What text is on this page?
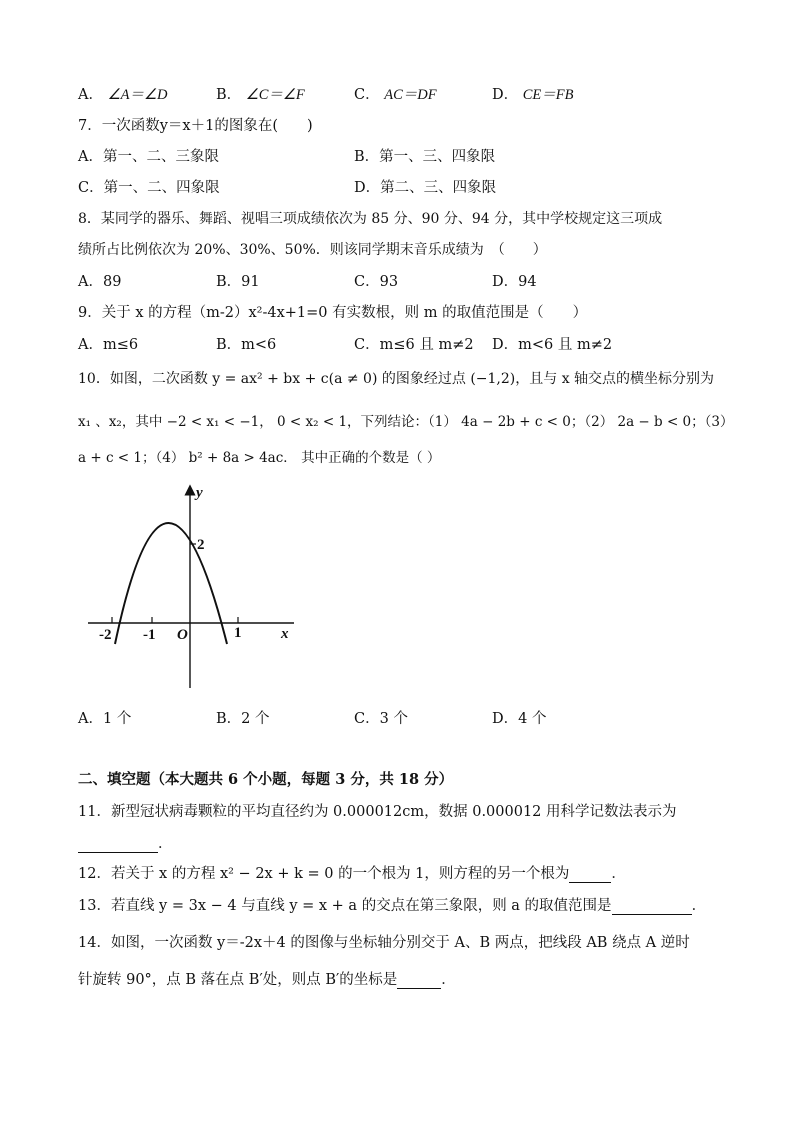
A． ∠A＝∠D	B． ∠C＝∠F	C． AC＝DF	D． CE＝FB
7．一次函数y＝x＋1的图象在(　　)
A．第一、二、三象限	B．第一、三、四象限
C．第一、二、四象限	D．第二、三、四象限
8．某同学的器乐、舞蹈、视唱三项成绩依次为 85 分、90 分、94 分，其中学校规定这三项成
绩所占比例依次为 20%、30%、50%．则该同学期末音乐成绩为　（　　）
A．89	B．91	C．93	D．94
9．关于 x 的方程（m-2）x²-4x+1=0 有实数根，则 m 的取值范围是（　　）
A．m≤6	B．m<6	C．m≤6 且 m≠2 D．m<6 且 m≠2
10．如图，二次函数 y = ax² + bx + c(a ≠ 0) 的图象经过点 (−1,2)，且与 x 轴交点的横坐标分别为
x₁ 、x₂，其中 −2 < x₁ < −1， 0 < x₂ < 1，下列结论：（1） 4a − 2b + c < 0；（2） 2a − b < 0；（3）
a + c < 1；（4） b² + 8a > 4ac． 其中正确的个数是（ ）
x
y
O
-2 -1	1
2
A．1 个	B．2 个	C．3 个	D．4 个
二、填空题（本大题共 6 个小题，每题 3 分，共 18 分）
11．新型冠状病毒颗粒的平均直径约为 0.000012cm，数据 0.000012 用科学记数法表示为
．
12．若关于 x 的方程 x² − 2x + k = 0 的一个根为 1，则方程的另一个根为	．
13．若直线 y = 3x − 4 与直线 y = x + a 的交点在第三象限，则 a 的取值范围是	．
14．如图，一次函数 y＝-2x＋4 的图像与坐标轴分别交于 A、B 两点，把线段 AB 绕点 A 逆时
针旋转 90°，点 B 落在点 B′处，则点 B′的坐标是	．
